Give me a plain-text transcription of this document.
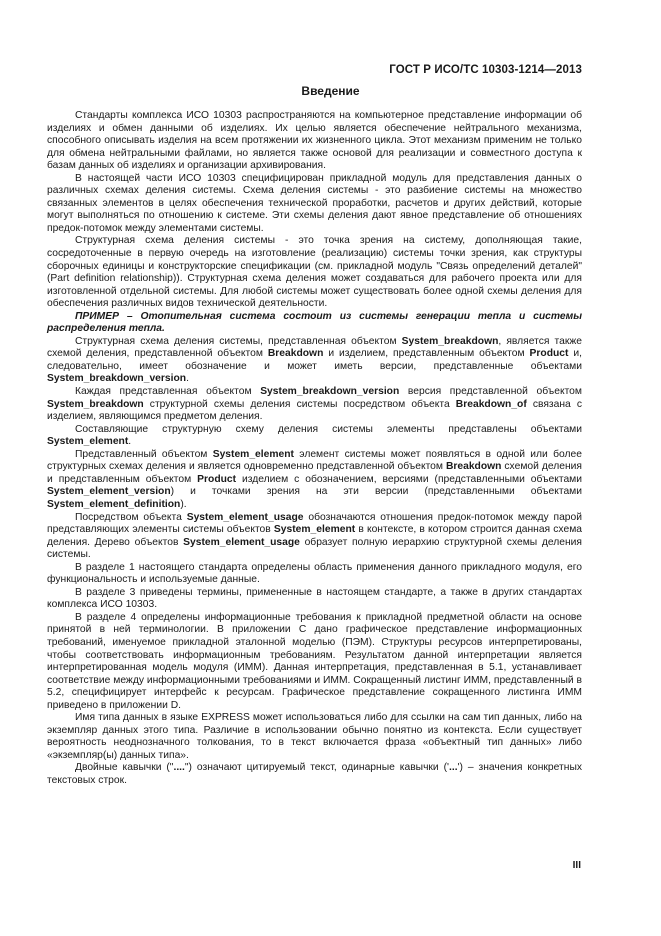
ГОСТ Р ИСО/ТС 10303-1214—2013
Введение

Стандарты комплекса ИСО 10303 распространяются на компьютерное представление информации об изделиях и обмен данными об изделиях. Их целью является обеспечение нейтрального механизма, способного описывать изделия на всем протяжении их жизненного цикла. Этот механизм применим не только для обмена нейтральными файлами, но является также основой для реализации и совместного доступа к базам данных об изделиях и организации архивирования.

В настоящей части ИСО 10303 специфицирован прикладной модуль для представления данных о различных схемах деления системы. Схема деления системы - это разбиение системы на множество связанных элементов в целях обеспечения технической проработки, расчетов и других действий, которые могут выполняться по отношению к системе. Эти схемы деления дают явное представление об отношениях предок-потомок между элементами системы.

Структурная схема деления системы - это точка зрения на систему, дополняющая такие, сосредоточенные в первую очередь на изготовление (реализацию) системы точки зрения, как структуры сборочных единицы и конструкторские спецификации (см. прикладной модуль "Связь определений деталей" (Part definition relationship)). Структурная схема деления может создаваться для рабочего проекта или для изготовленной отдельной системы. Для любой системы может существовать более одной схемы деления для обеспечения различных видов технической деятельности.

ПРИМЕР – Отопительная система состоит из системы генерации тепла и системы распределения тепла.

Структурная схема деления системы, представленная объектом System_breakdown, является также схемой деления, представленной объектом Breakdown и изделием, представленным объектом Product и, следовательно, имеет обозначение и может иметь версии, представленные объектами System_breakdown_version.

Каждая представленная объектом System_breakdown_version версия представленной объектом System_breakdown структурной схемы деления системы посредством объекта Breakdown_of связана с изделием, являющимся предметом деления.

Составляющие структурную схему деления системы элементы представлены объектами System_element.

Представленный объектом System_element элемент системы может появляться в одной или более структурных схемах деления и является одновременно представленной объектом Breakdown схемой деления и представленным объектом Product изделием с обозначением, версиями (представленными объектами System_element_version) и точками зрения на эти версии (представленными объектами System_element_definition).

Посредством объекта System_element_usage обозначаются отношения предок-потомок между парой представляющих элементы системы объектов System_element в контексте, в котором строится данная схема деления. Дерево объектов System_element_usage образует полную иерархию структурной схемы деления системы.

В разделе 1 настоящего стандарта определены область применения данного прикладного модуля, его функциональность и используемые данные.

В разделе 3 приведены термины, примененные в настоящем стандарте, а также в других стандартах комплекса ИСО 10303.

В разделе 4 определены информационные требования к прикладной предметной области на основе принятой в ней терминологии. В приложении С дано графическое представление информационных требований, именуемое прикладной эталонной моделью (ПЭМ). Структуры ресурсов интерпретированы, чтобы соответствовать информационным требованиям. Результатом данной интерпретации является интерпретированная модель модуля (ИММ). Данная интерпретация, представленная в 5.1, устанавливает соответствие между информационными требованиями и ИММ. Сокращенный листинг ИММ, представленный в 5.2, специфицирует интерфейс к ресурсам. Графическое представление сокращенного листинга ИММ приведено в приложении D.

Имя типа данных в языке EXPRESS может использоваться либо для ссылки на сам тип данных, либо на экземпляр данных этого типа. Различие в использовании обычно понятно из контекста. Если существует вероятность неоднозначного толкования, то в текст включается фраза «объектный тип данных» либо «экземпляр(ы) данных типа».

Двойные кавычки ("....") означают цитируемый текст, одинарные кавычки ('...') – значения конкретных текстовых строк.

III
